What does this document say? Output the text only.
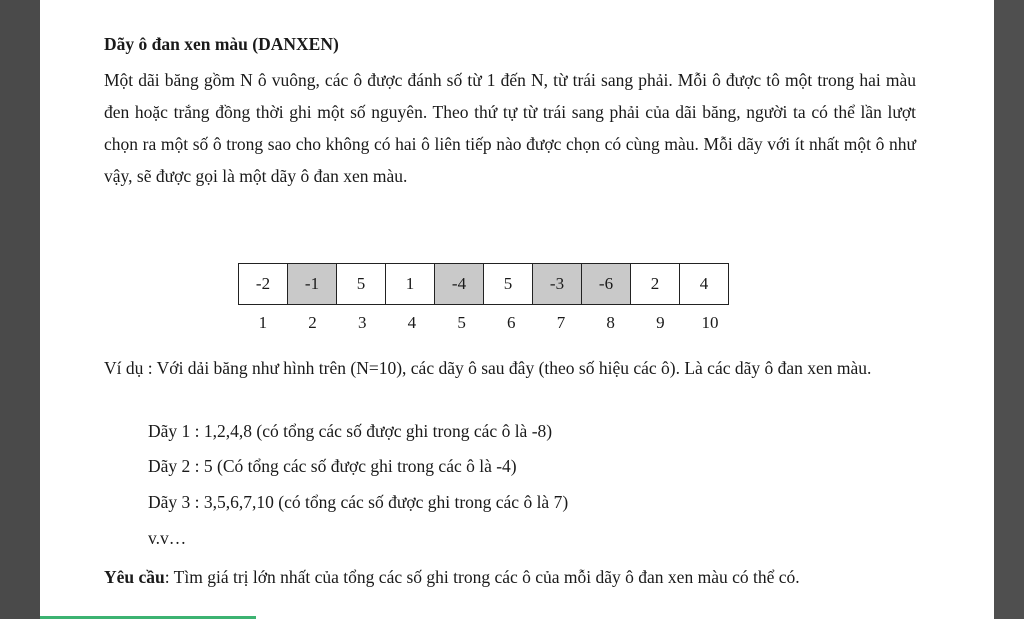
Dãy ô đan xen màu (DANXEN)
Một dãi băng gồm N ô vuông, các ô được đánh số từ 1 đến N, từ trái sang phải. Mỗi ô được tô một trong hai màu đen hoặc trắng đồng thời ghi một số nguyên. Theo thứ tự từ trái sang phải của dãi băng, người ta có thể lần lượt chọn ra một số ô trong sao cho không có hai ô liên tiếp nào được chọn có cùng màu. Mỗi dãy với ít nhất một ô như vậy, sẽ được gọi là một dãy ô đan xen màu.
-2	-1	5	1	-4	5	-3	-6	2	4
1	2	3	4	5	6	7	8	9	10
Ví dụ : Với dải băng như hình trên (N=10), các dãy ô sau đây (theo số hiệu các ô). Là các dãy ô đan xen màu.
Dãy 1 : 1,2,4,8 (có tổng các số được ghi trong các ô là -8)
Dãy 2 : 5 (Có tổng các số được ghi trong các ô là -4)
Dãy 3 : 3,5,6,7,10 (có tổng các số được ghi trong các ô là 7)
v.v…
Yêu cầu: Tìm giá trị lớn nhất của tổng các số ghi trong các ô của mỗi dãy ô đan xen màu có thể có.
